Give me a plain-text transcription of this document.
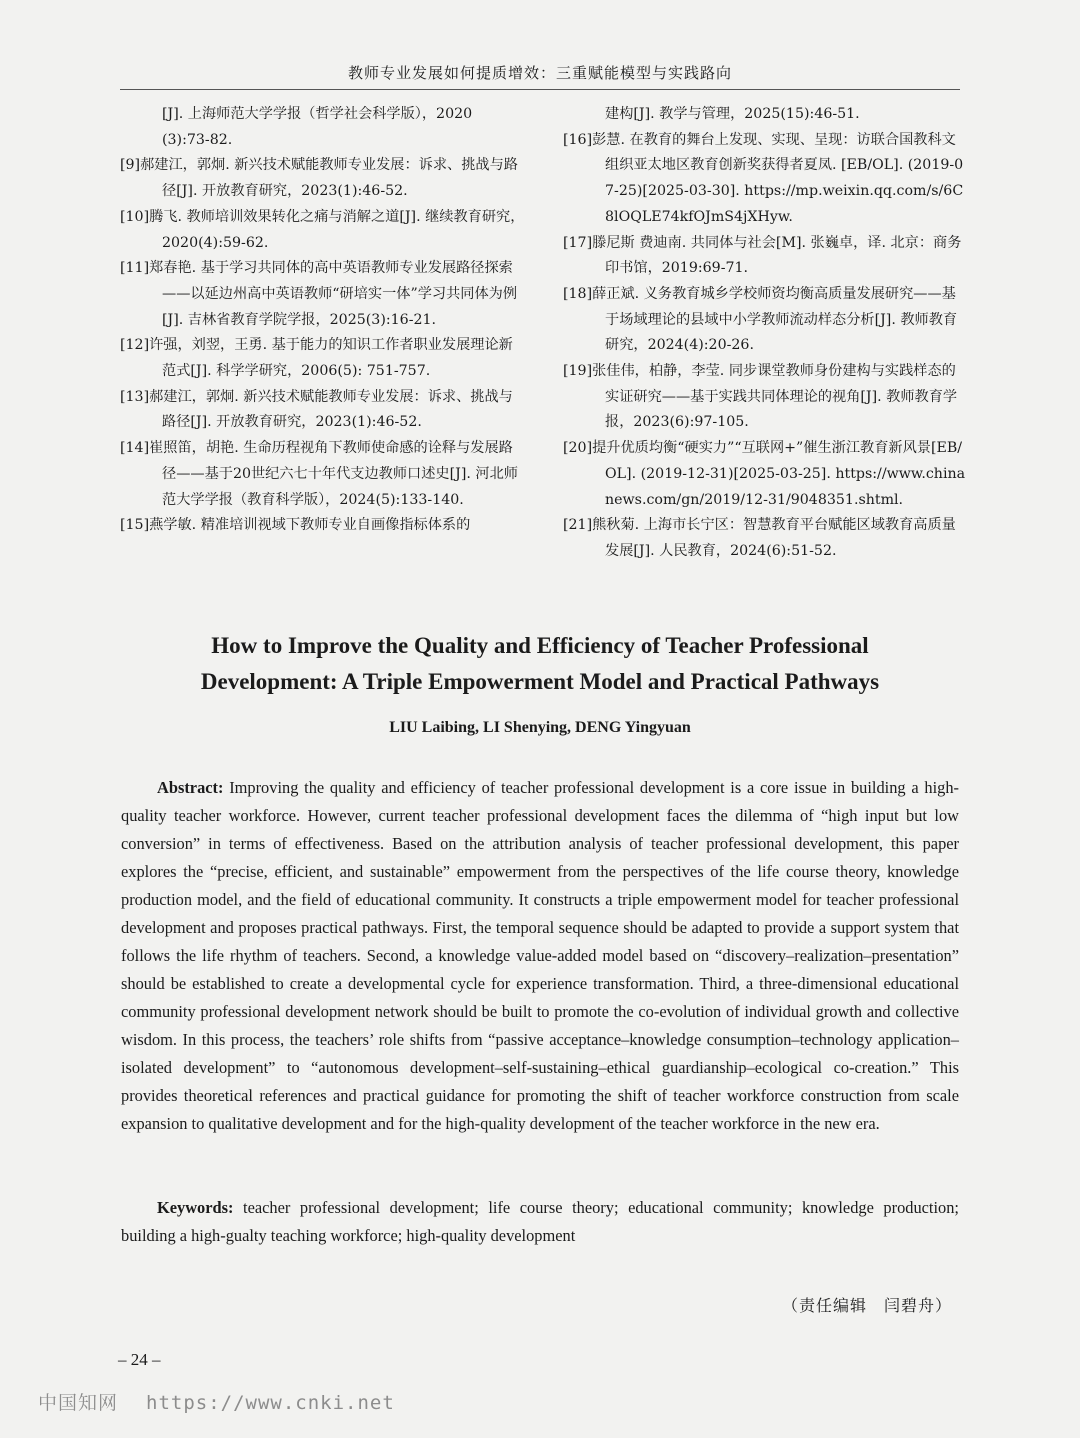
教师专业发展如何提质增效：三重赋能模型与实践路向

[J]. 上海师范大学学报（哲学社会科学版），2020

(3):73-82.

[9]郝建江，郭炯. 新兴技术赋能教师专业发展：诉求、挑战与路径[J]. 开放教育研究，2023(1):46-52.

[10]腾飞. 教师培训效果转化之痛与消解之道[J]. 继续教育研究，2020(4):59-62.

[11]郑春艳. 基于学习共同体的高中英语教师专业发展路径探索——以延边州高中英语教师“研培实一体”学习共同体为例[J]. 吉林省教育学院学报，2025(3):16-21.

[12]许强，刘翌，王勇. 基于能力的知识工作者职业发展理论新范式[J]. 科学学研究，2006(5): 751-757.

[13]郝建江，郭炯. 新兴技术赋能教师专业发展：诉求、挑战与路径[J]. 开放教育研究，2023(1):46-52.

[14]崔照笛，胡艳. 生命历程视角下教师使命感的诠释与发展路径——基于20世纪六七十年代支边教师口述史[J]. 河北师范大学学报（教育科学版），2024(5):133-140.

[15]燕学敏. 精准培训视域下教师专业自画像指标体系的

建构[J]. 教学与管理，2025(15):46-51.

[16]彭慧. 在教育的舞台上发现、实现、呈现：访联合国教科文组织亚太地区教育创新奖获得者夏凤. [EB/OL]. (2019-07-25)[2025-03-30]. https://mp.weixin.qq.com/s/6C8lOQLE74kfOJmS4jXHyw.

[17]滕尼斯 费迪南. 共同体与社会[M]. 张巍卓，译. 北京：商务印书馆，2019:69-71.

[18]薛正斌. 义务教育城乡学校师资均衡高质量发展研究——基于场域理论的县域中小学教师流动样态分析[J]. 教师教育研究，2024(4):20-26.

[19]张佳伟，柏静，李莹. 同步课堂教师身份建构与实践样态的实证研究——基于实践共同体理论的视角[J]. 教师教育学报，2023(6):97-105.

[20]提升优质均衡“硬实力”“互联网+”催生浙江教育新风景[EB/OL]. (2019-12-31)[2025-03-25]. https://www.chinanews.com/gn/2019/12-31/9048351.shtml.

[21]熊秋菊. 上海市长宁区：智慧教育平台赋能区域教育高质量发展[J]. 人民教育，2024(6):51-52.

How to Improve the Quality and Efficiency of Teacher Professional
Development: A Triple Empowerment Model and Practical Pathways
LIU Laibing, LI Shenying, DENG Yingyuan

Abstract: Improving the quality and efficiency of teacher professional development is a core issue in building a high-quality teacher workforce. However, current teacher professional development faces the dilemma of “high input but low conversion” in terms of effectiveness. Based on the attribution analysis of teacher professional development, this paper explores the “precise, efficient, and sustainable” empowerment from the perspectives of the life course theory, knowledge production model, and the field of educational community. It constructs a triple empowerment model for teacher professional development and proposes practical pathways. First, the temporal sequence should be adapted to provide a support system that follows the life rhythm of teachers. Second, a knowledge value-added model based on “discovery–realization–presentation” should be established to create a developmental cycle for experience transformation. Third, a three-dimensional educational community professional development network should be built to promote the co-evolution of individual growth and collective wisdom. In this process, the teachers’ role shifts from “passive acceptance–knowledge consumption–technology application–isolated development” to “autonomous development–self-sustaining–ethical guardianship–ecological co-creation.” This provides theoretical references and practical guidance for promoting the shift of teacher workforce construction from scale expansion to qualitative development and for the high-quality development of the teacher workforce in the new era.

Keywords: teacher professional development; life course theory; educational community; knowledge production; building a high-gualty teaching workforce; high-quality development

（责任编辑　闫碧舟）
– 24 –
中国知网 https://www.cnki.net
